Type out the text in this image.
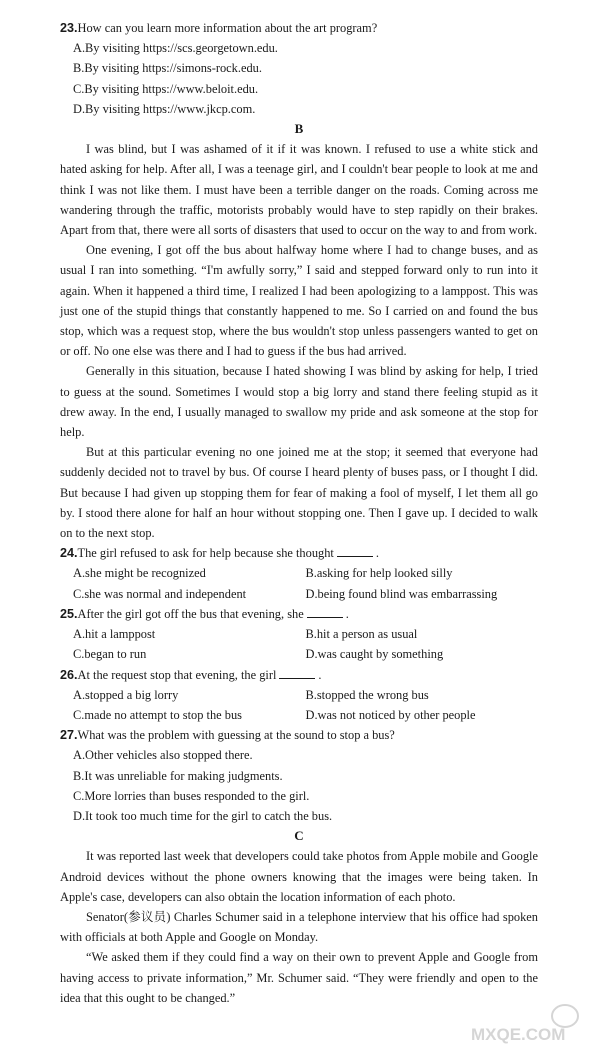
23.How can you learn more information about the art program?
A.By visiting https://scs.georgetown.edu.
B.By visiting https://simons-rock.edu.
C.By visiting https://www.beloit.edu.
D.By visiting https://www.jkcp.com.
B

I was blind, but I was ashamed of it if it was known. I refused to use a white stick and hated asking for help. After all, I was a teenage girl, and I couldn't bear people to look at me and think I was not like them. I must have been a terrible danger on the roads. Coming across me wandering through the traffic, motorists probably would have to step rapidly on their brakes. Apart from that, there were all sorts of disasters that used to occur on the way to and from work.

One evening, I got off the bus about halfway home where I had to change buses, and as usual I ran into something. “I'm awfully sorry,” I said and stepped forward only to run into it again. When it happened a third time, I realized I had been apologizing to a lamppost. This was just one of the stupid things that constantly happened to me. So I carried on and found the bus stop, which was a request stop, where the bus wouldn't stop unless passengers wanted to get on or off. No one else was there and I had to guess if the bus had arrived.

Generally in this situation, because I hated showing I was blind by asking for help, I tried to guess at the sound. Sometimes I would stop a big lorry and stand there feeling stupid as it drew away. In the end, I usually managed to swallow my pride and ask someone at the stop for help.

But at this particular evening no one joined me at the stop; it seemed that everyone had suddenly decided not to travel by bus. Of course I heard plenty of buses pass, or I thought I did. But because I had given up stopping them for fear of making a fool of myself, I let them all go by. I stood there alone for half an hour without stopping one. Then I gave up. I decided to walk on to the next stop.

24.The girl refused to ask for help because she thought	.
A.she might be recognized	B.asking for help looked silly
C.she was normal and independent	D.being found blind was embarrassing
25.After the girl got off the bus that evening, she	.
A.hit a lamppost	B.hit a person as usual
C.began to run	D.was caught by something
26.At the request stop that evening, the girl	.
A.stopped a big lorry	B.stopped the wrong bus
C.made no attempt to stop the bus	D.was not noticed by other people
27.What was the problem with guessing at the sound to stop a bus?
A.Other vehicles also stopped there.
B.It was unreliable for making judgments.
C.More lorries than buses responded to the girl.
D.It took too much time for the girl to catch the bus.
C

It was reported last week that developers could take photos from Apple mobile and Google Android devices without the phone owners knowing that the images were being taken. In Apple's case, developers can also obtain the location information of each photo.

Senator(参议员) Charles Schumer said in a telephone interview that his office had spoken with officials at both Apple and Google on Monday.

“We asked them if they could find a way on their own to prevent Apple and Google from having access to private information,” Mr. Schumer said. “They were friendly and open to the idea that this ought to be changed.”

MXQE.COM
